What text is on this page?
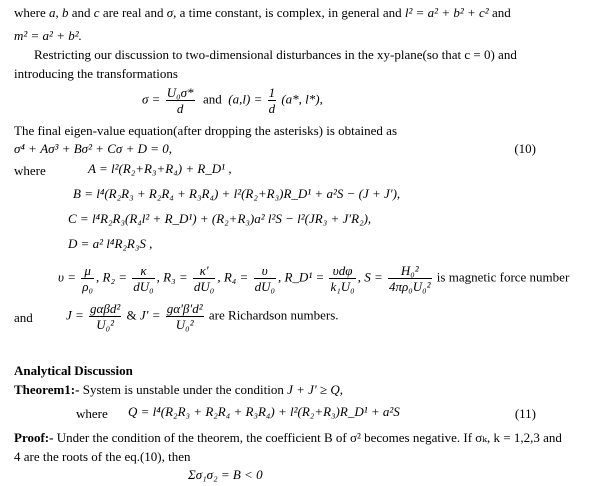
where a, b and c are real and σ, a time constant, is complex, in general and l² = a² + b² + c² and
m² = a² + b².
Restricting our discussion to two-dimensional disturbances in the xy-plane(so that c = 0) and
introducing the transformations
$\sigma = \frac{\text{U₀σ*}}{d}$ and $(a,l) = \frac{1}{d} (a*$, l*),
The final eigen-value equation(after dropping the asterisks) is obtained as
σ⁴ + Aσ³ + Bσ² + Cσ + D = 0,	(10)
where	A = l²(R₂+R₃+R₄) + R_D¹ ,
B = l⁴(R₂R₃ + R₂R₄ + R₃R₄) + l²(R₂+R₃)R_D¹ + a²S − (J + J′),
C = l⁴R₂R₃(R₄l² + R_D¹) + (R₂+R₃)a² l²S − l²(JR₃ + J′R₂),
D = a² l⁴R₂R₃S ,
$\upsilon = \frac{\mu}{\text{ρ₀}}$ , $R_2 = \frac{\kappa}{\text{dU₀}}$ , $R_3 = \frac{\kappa'}{\text{dU₀}}$ , $R_4 = \frac{\upsilon}{\text{dU₀}}$ , R_D¹ = $\frac{\text{υdφ}}{\text{k₁U₀}}$ , $S = \frac{\text{H₀²}}{\text{4πρ₀U₀²}}$ is magnetic force number
and	$J = \frac{\text{gαβd²}}{\text{U₀²}}$ & $J' = \frac{\text{gα′β′d²}}{\text{U₀²}}$ are Richardson numbers.
Analytical Discussion
Theorem1:- System is unstable under the condition J + J′ ≥ Q,
where Q = l⁴(R₂R₃ + R₂R₄ + R₃R₄) + l²(R₂+R₃)R_D¹ + a²S	(11)
Proof:- Under the condition of the theorem, the coefficient B of σ² becomes negative. If σₖ, k = 1,2,3 and
4 are the roots of the eq.(10), then
Σσ₁σ₂ = B < 0
